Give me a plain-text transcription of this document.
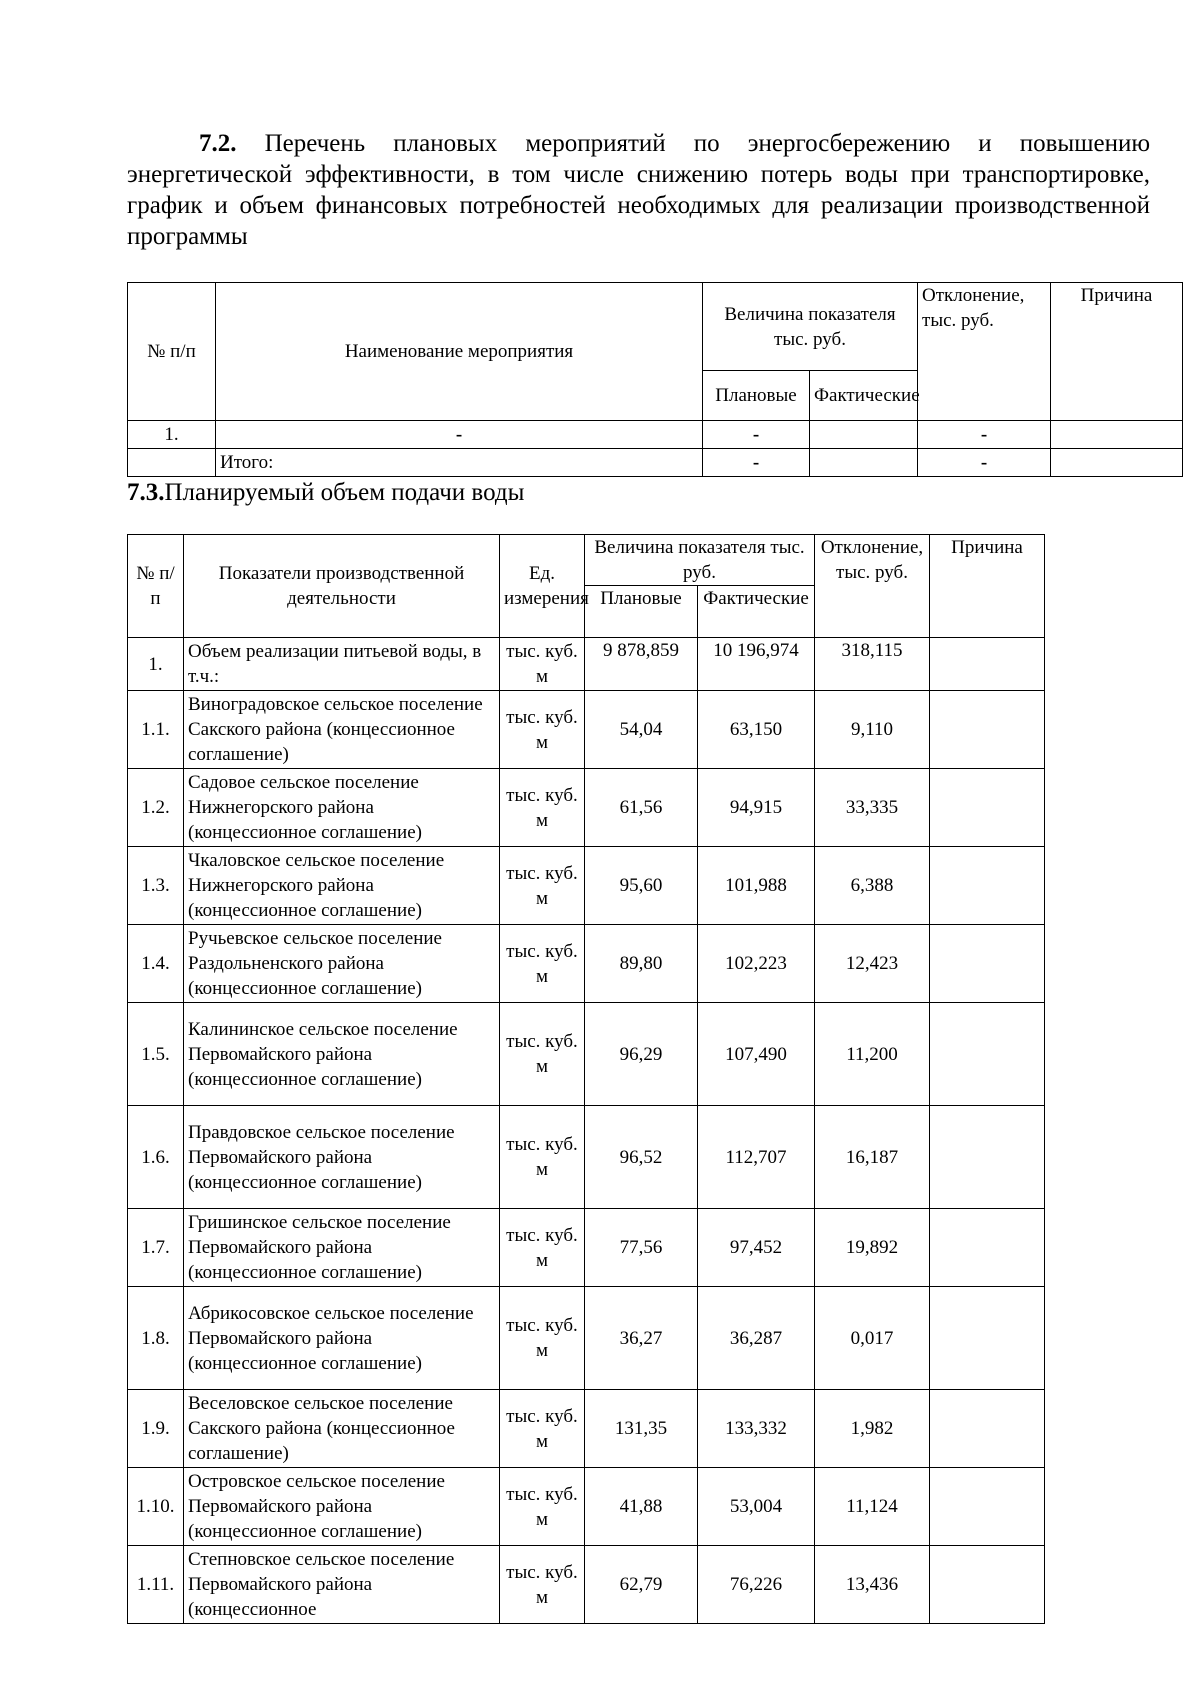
7.2. Перечень плановых мероприятий по энергосбережению и повышению
энергетической эффективности, в том числе снижению потерь воды при транспортировке, график и объем финансовых потребностей необходимых для реализации производственной программы
№ п/п	Наименование мероприятия	Величина показателя тыс. руб.		Отклонение, тыс. руб.	Причина
		Плановые	Фактические		
1.	-	-		-	
	Итого:	-		-	
7.3.Планируемый объем подачи воды
№ п/п	Показатели производственной деятельности	Ед. измерения	Величина показателя тыс. руб.		Отклонение, тыс. руб.	Причина
			Плановые	Фактические		
1.	Объем реализации питьевой воды, в т.ч.:	тыс. куб. м	9 878,859	10 196,974	318,115	
1.1.	Виноградовское сельское поселение Сакского района (концессионное соглашение)	тыс. куб. м	54,04	63,150	9,110	
1.2.	Садовое сельское поселение Нижнегорского района (концессионное соглашение)	тыс. куб. м	61,56	94,915	33,335	
1.3.	Чкаловское сельское поселение Нижнегорского района (концессионное соглашение)	тыс. куб. м	95,60	101,988	6,388	
1.4.	Ручьевское сельское поселение Раздольненского района (концессионное соглашение)	тыс. куб. м	89,80	102,223	12,423	
1.5.	Калининское сельское поселение Первомайского района (концессионное соглашение)	тыс. куб. м	96,29	107,490	11,200	
1.6.	Правдовское сельское поселение Первомайского района (концессионное соглашение)	тыс. куб. м	96,52	112,707	16,187	
1.7.	Гришинское сельское поселение Первомайского района (концессионное соглашение)	тыс. куб. м	77,56	97,452	19,892	
1.8.	Абрикосовское сельское поселение Первомайского района (концессионное соглашение)	тыс. куб. м	36,27	36,287	0,017	
1.9.	Веселовское сельское поселение Сакского района (концессионное соглашение)	тыс. куб. м	131,35	133,332	1,982	
1.10.	Островское сельское поселение Первомайского района (концессионное соглашение)	тыс. куб. м	41,88	53,004	11,124	
1.11.	Степновское сельское поселение Первомайского района (концессионное	тыс. куб. м	62,79	76,226	13,436	
